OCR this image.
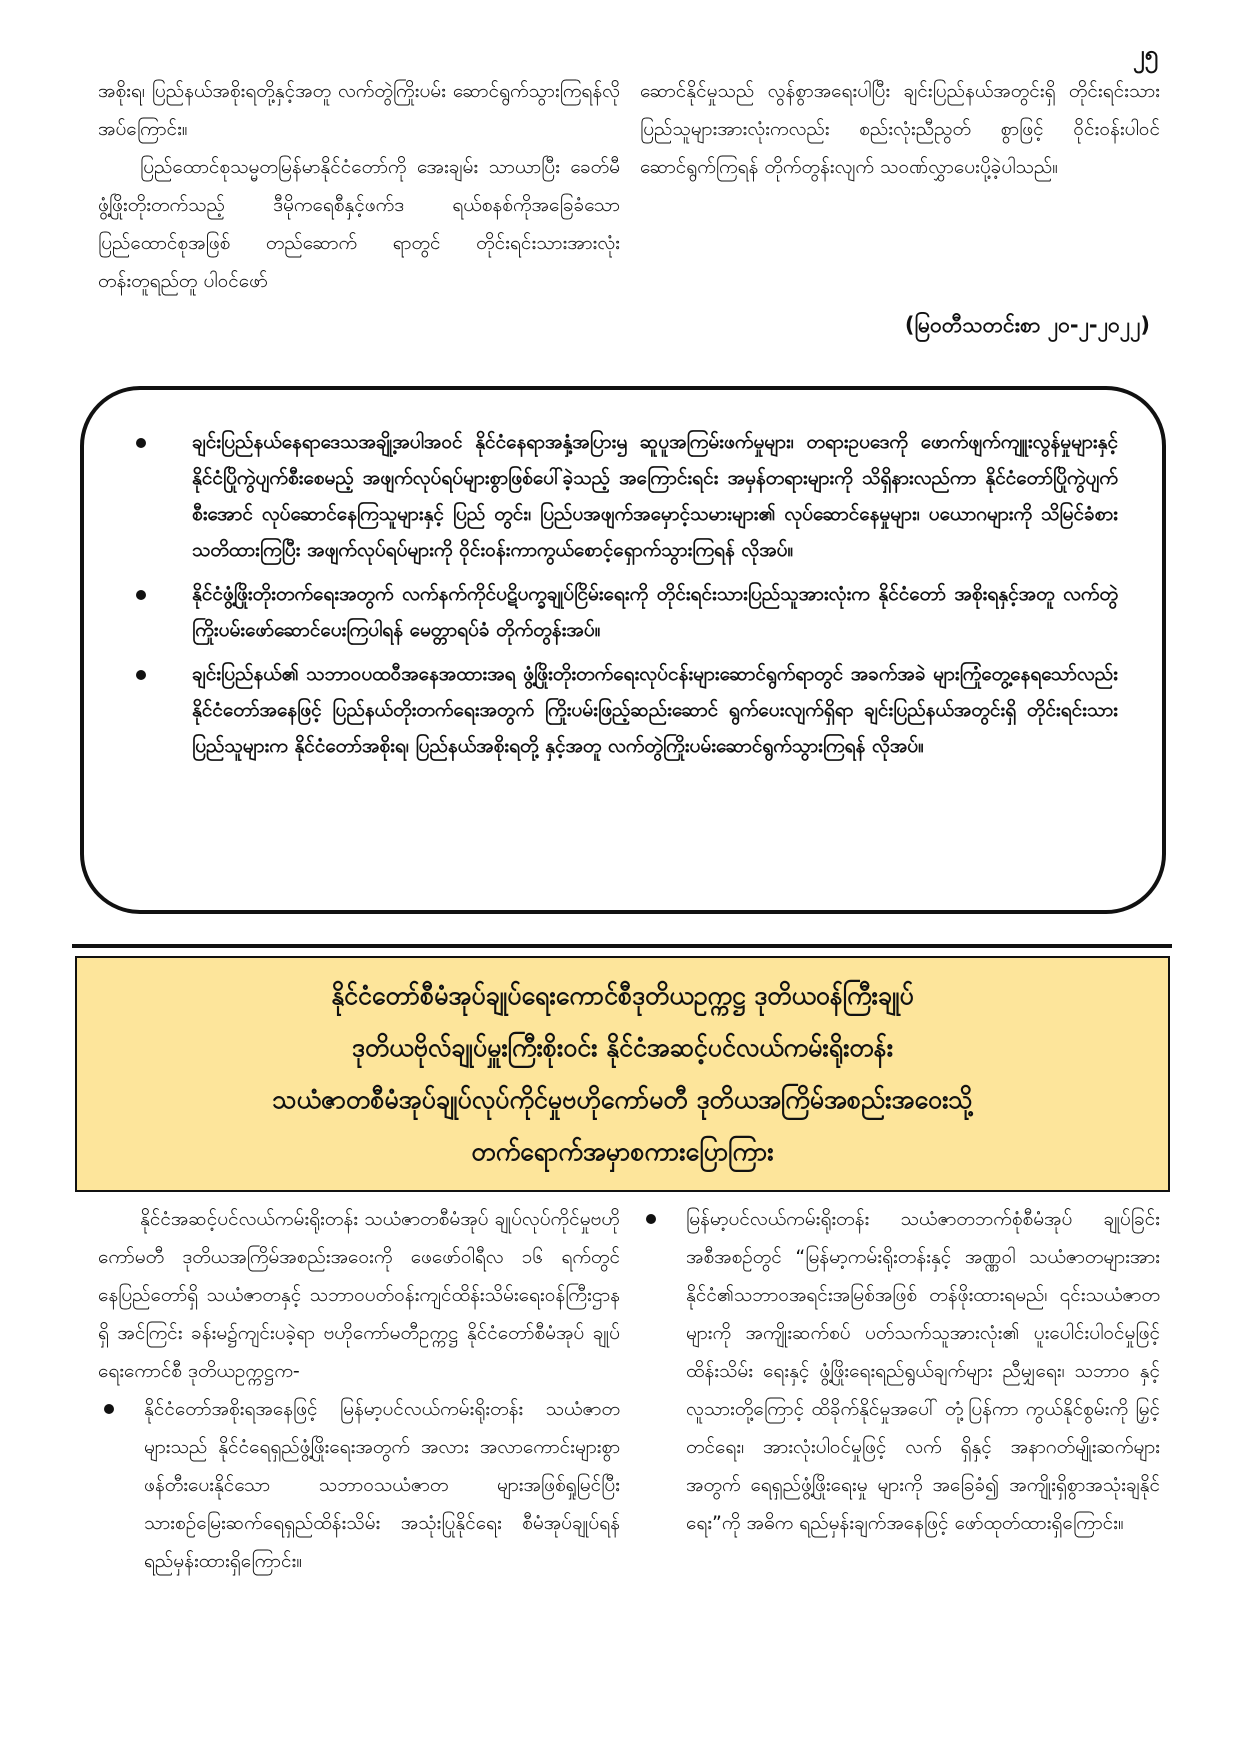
၂၅

အစိုးရ၊ ပြည်နယ်အစိုးရတို့နှင့်အတူ လက်တွဲကြိုးပမ်း ဆောင်ရွက်သွားကြရန်လိုအပ်ကြောင်း။

ပြည်ထောင်စုသမ္မတမြန်မာနိုင်ငံတော်ကို အေးချမ်း သာယာပြီး ခေတ်မီဖွံ့ဖြိုးတိုးတက်သည့် ဒီမိုကရေစီနှင့်ဖက်ဒ ရယ်စနစ်ကိုအခြေခံသော ပြည်ထောင်စုအဖြစ် တည်ဆောက် ရာတွင် တိုင်းရင်းသားအားလုံး တန်းတူရည်တူ ပါဝင်ဖော်

ဆောင်နိုင်မှုသည် လွန်စွာအရေးပါပြီး ချင်းပြည်နယ်အတွင်းရှိ တိုင်းရင်းသားပြည်သူများအားလုံးကလည်း စည်းလုံးညီညွတ် စွာဖြင့် ဝိုင်းဝန်းပါဝင်ဆောင်ရွက်ကြရန် တိုက်တွန်းလျက် သဝဏ်လွှာပေးပို့ခဲ့ပါသည်။

(မြဝတီသတင်းစာ ၂၀-၂-၂၀၂၂)
ချင်းပြည်နယ်နေရာဒေသအချို့အပါအဝင် နိုင်ငံနေရာအနှံ့အပြားၝ ဆူပူအကြမ်းဖက်မှုများ၊ တရားဥပဒေကို ဖောက်ဖျက်ကျူးလွန်မှုများနှင့် နိုင်ငံပြိုကွဲပျက်စီးစေမည့် အဖျက်လုပ်ရပ်များစွာဖြစ်ပေါ်ခဲ့သည့် အကြောင်းရင်း အမှန်တရားများကို သိရှိနားလည်ကာ နိုင်ငံတော်ပြိုကွဲပျက်စီးအောင် လုပ်ဆောင်နေကြသူများနှင့် ပြည် တွင်း၊ ပြည်ပအဖျက်အမှောင့်သမားများ၏ လုပ်ဆောင်နေမှုများ၊ ပယောဂများကို သိမြင်ခံစားသတိထားကြပြီး အဖျက်လုပ်ရပ်များကို ဝိုင်းဝန်းကာကွယ်စောင့်ရှောက်သွားကြရန် လိုအပ်။
နိုင်ငံဖွံ့ဖြိုးတိုးတက်ရေးအတွက် လက်နက်ကိုင်ပဋိပက္ခချုပ်ငြိမ်းရေးကို တိုင်းရင်းသားပြည်သူအားလုံးက နိုင်ငံတော် အစိုးရနှင့်အတူ လက်တွဲကြိုးပမ်းဖော်ဆောင်ပေးကြပါရန် မေတ္တာရပ်ခံ တိုက်တွန်းအပ်။
ချင်းပြည်နယ်၏ သဘာဝပထဝီအနေအထားအရ ဖွံ့ဖြိုးတိုးတက်ရေးလုပ်ငန်းများဆောင်ရွက်ရာတွင် အခက်အခဲ များကြုံတွေ့နေရသော်လည်း နိုင်ငံတော်အနေဖြင့် ပြည်နယ်တိုးတက်ရေးအတွက် ကြိုးပမ်းဖြည့်ဆည်းဆောင် ရွက်ပေးလျက်ရှိရာ ချင်းပြည်နယ်အတွင်းရှိ တိုင်းရင်းသားပြည်သူများက နိုင်ငံတော်အစိုးရ၊ ပြည်နယ်အစိုးရတို့ နှင့်အတူ လက်တွဲကြိုးပမ်းဆောင်ရွက်သွားကြရန် လိုအပ်။
နိုင်ငံတော်စီမံအုပ်ချုပ်ရေးကောင်စီဒုတိယဥက္ကဋ္ဌ ဒုတိယဝန်ကြီးချုပ်
ဒုတိယဗိုလ်ချုပ်မှူးကြီးစိုးဝင်း နိုင်ငံအဆင့်ပင်လယ်ကမ်းရိုးတန်း
သယံဇာတစီမံအုပ်ချုပ်လုပ်ကိုင်မှုဗဟိုကော်မတီ ဒုတိယအကြိမ်အစည်းအဝေးသို့
တက်ရောက်အမှာစကားပြောကြား

နိုင်ငံအဆင့်ပင်လယ်ကမ်းရိုးတန်း သယံဇာတစီမံအုပ် ချုပ်လုပ်ကိုင်မှုဗဟိုကော်မတီ ဒုတိယအကြိမ်အစည်းအဝေးကို ဖေဖော်ဝါရီလ ၁၆ ရက်တွင် နေပြည်တော်ရှိ သယံဇာတနှင့် သဘာဝပတ်ဝန်းကျင်ထိန်းသိမ်းရေးဝန်ကြီးဌာနရှိ အင်ကြင်း ခန်းမ၌ကျင်းပခဲ့ရာ ဗဟိုကော်မတီဥက္ကဋ္ဌ နိုင်ငံတော်စီမံအုပ် ချုပ်ရေးကောင်စီ ဒုတိယဥက္ကဋ္ဌက-

နိုင်ငံတော်အစိုးရအနေဖြင့် မြန်မာ့ပင်လယ်ကမ်းရိုးတန်း သယံဇာတများသည် နိုင်ငံရေရှည်ဖွံ့ဖြိုးရေးအတွက် အလား အလာကောင်းများစွာဖန်တီးပေးနိုင်သော သဘာဝသယံဇာတ များအဖြစ်ရှုမြင်ပြီး သားစဉ်မြေးဆက်ရေရှည်ထိန်းသိမ်း အသုံးပြုနိုင်ရေး စီမံအုပ်ချုပ်ရန် ရည်မှန်းထားရှိကြောင်း။

မြန်မာ့ပင်လယ်ကမ်းရိုးတန်း သယံဇာတဘက်စုံစီမံအုပ် ချုပ်ခြင်းအစီအစဉ်တွင် “မြန်မာ့ကမ်းရိုးတန်းနှင့် အဏ္ဏဝါ သယံဇာတများအား နိုင်ငံ၏သဘာဝအရင်းအမြစ်အဖြစ် တန်ဖိုးထားရမည်၊ ၎င်းသယံဇာတများကို အကျိုးဆက်စပ် ပတ်သက်သူအားလုံး၏ ပူးပေါင်းပါဝင်မှုဖြင့် ထိန်းသိမ်း ရေးနှင့် ဖွံ့ဖြိုးရေးရည်ရွယ်ချက်များ ညီမျှရေး၊ သဘာဝ နှင့်လူသားတို့ကြောင့် ထိခိုက်နိုင်မှုအပေါ် တုံ့ပြန်ကာ ကွယ်နိုင်စွမ်းကို မြှင့်တင်ရေး၊ အားလုံးပါဝင်မှုဖြင့် လက် ရှိနှင့် အနာဂတ်မျိုးဆက်များအတွက် ရေရှည်ဖွံ့ဖြိုးရေးမှု များကို အခြေခံ၍ အကျိုးရှိစွာအသုံးချနိုင်ရေး”ကို အဓိက ရည်မှန်းချက်အနေဖြင့် ဖော်ထုတ်ထားရှိကြောင်း။
